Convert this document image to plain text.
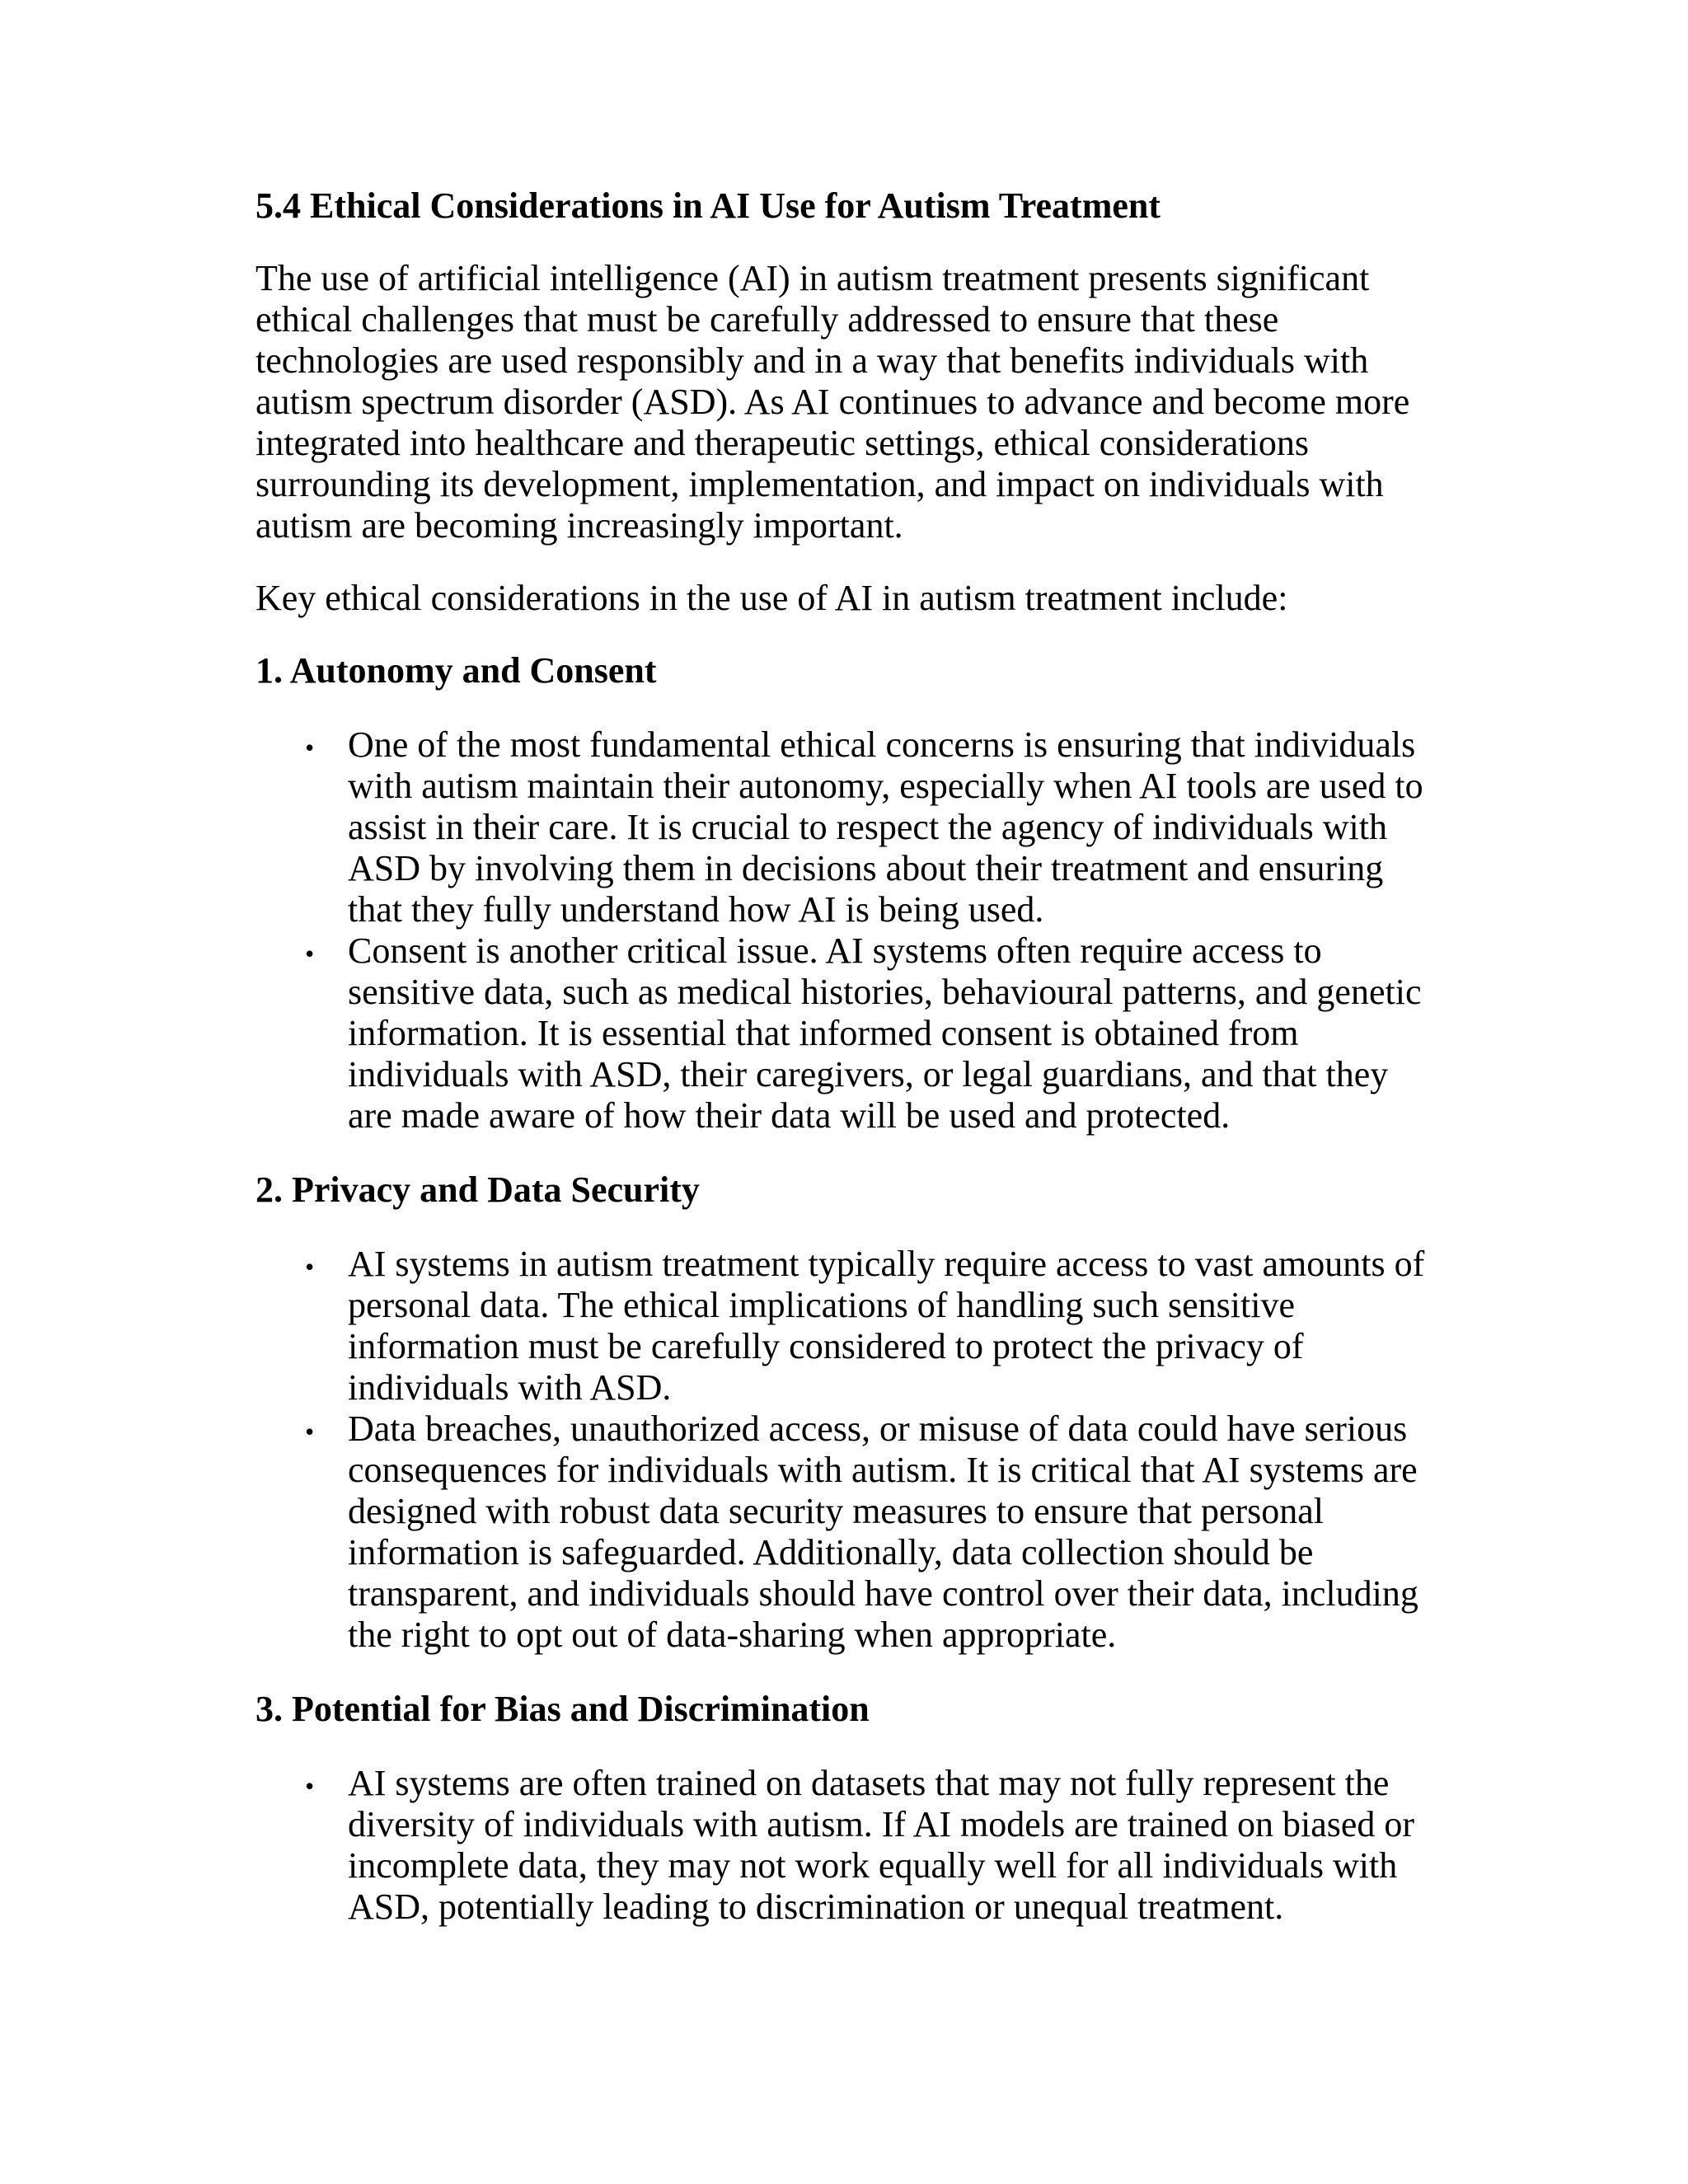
5.4 Ethical Considerations in AI Use for Autism Treatment

The use of artificial intelligence (AI) in autism treatment presents significant ethical challenges that must be carefully addressed to ensure that these technologies are used responsibly and in a way that benefits individuals with autism spectrum disorder (ASD). As AI continues to advance and become more integrated into healthcare and therapeutic settings, ethical considerations surrounding its development, implementation, and impact on individuals with autism are becoming increasingly important.

Key ethical considerations in the use of AI in autism treatment include:

1. Autonomy and Consent
• One of the most fundamental ethical concerns is ensuring that individuals with autism maintain their autonomy, especially when AI tools are used to assist in their care. It is crucial to respect the agency of individuals with ASD by involving them in decisions about their treatment and ensuring that they fully understand how AI is being used.
• Consent is another critical issue. AI systems often require access to sensitive data, such as medical histories, behavioural patterns, and genetic information. It is essential that informed consent is obtained from individuals with ASD, their caregivers, or legal guardians, and that they are made aware of how their data will be used and protected.
2. Privacy and Data Security
• AI systems in autism treatment typically require access to vast amounts of personal data. The ethical implications of handling such sensitive information must be carefully considered to protect the privacy of individuals with ASD.
• Data breaches, unauthorized access, or misuse of data could have serious consequences for individuals with autism. It is critical that AI systems are designed with robust data security measures to ensure that personal information is safeguarded. Additionally, data collection should be transparent, and individuals should have control over their data, including the right to opt out of data-sharing when appropriate.
3. Potential for Bias and Discrimination
• AI systems are often trained on datasets that may not fully represent the diversity of individuals with autism. If AI models are trained on biased or incomplete data, they may not work equally well for all individuals with ASD, potentially leading to discrimination or unequal treatment.
